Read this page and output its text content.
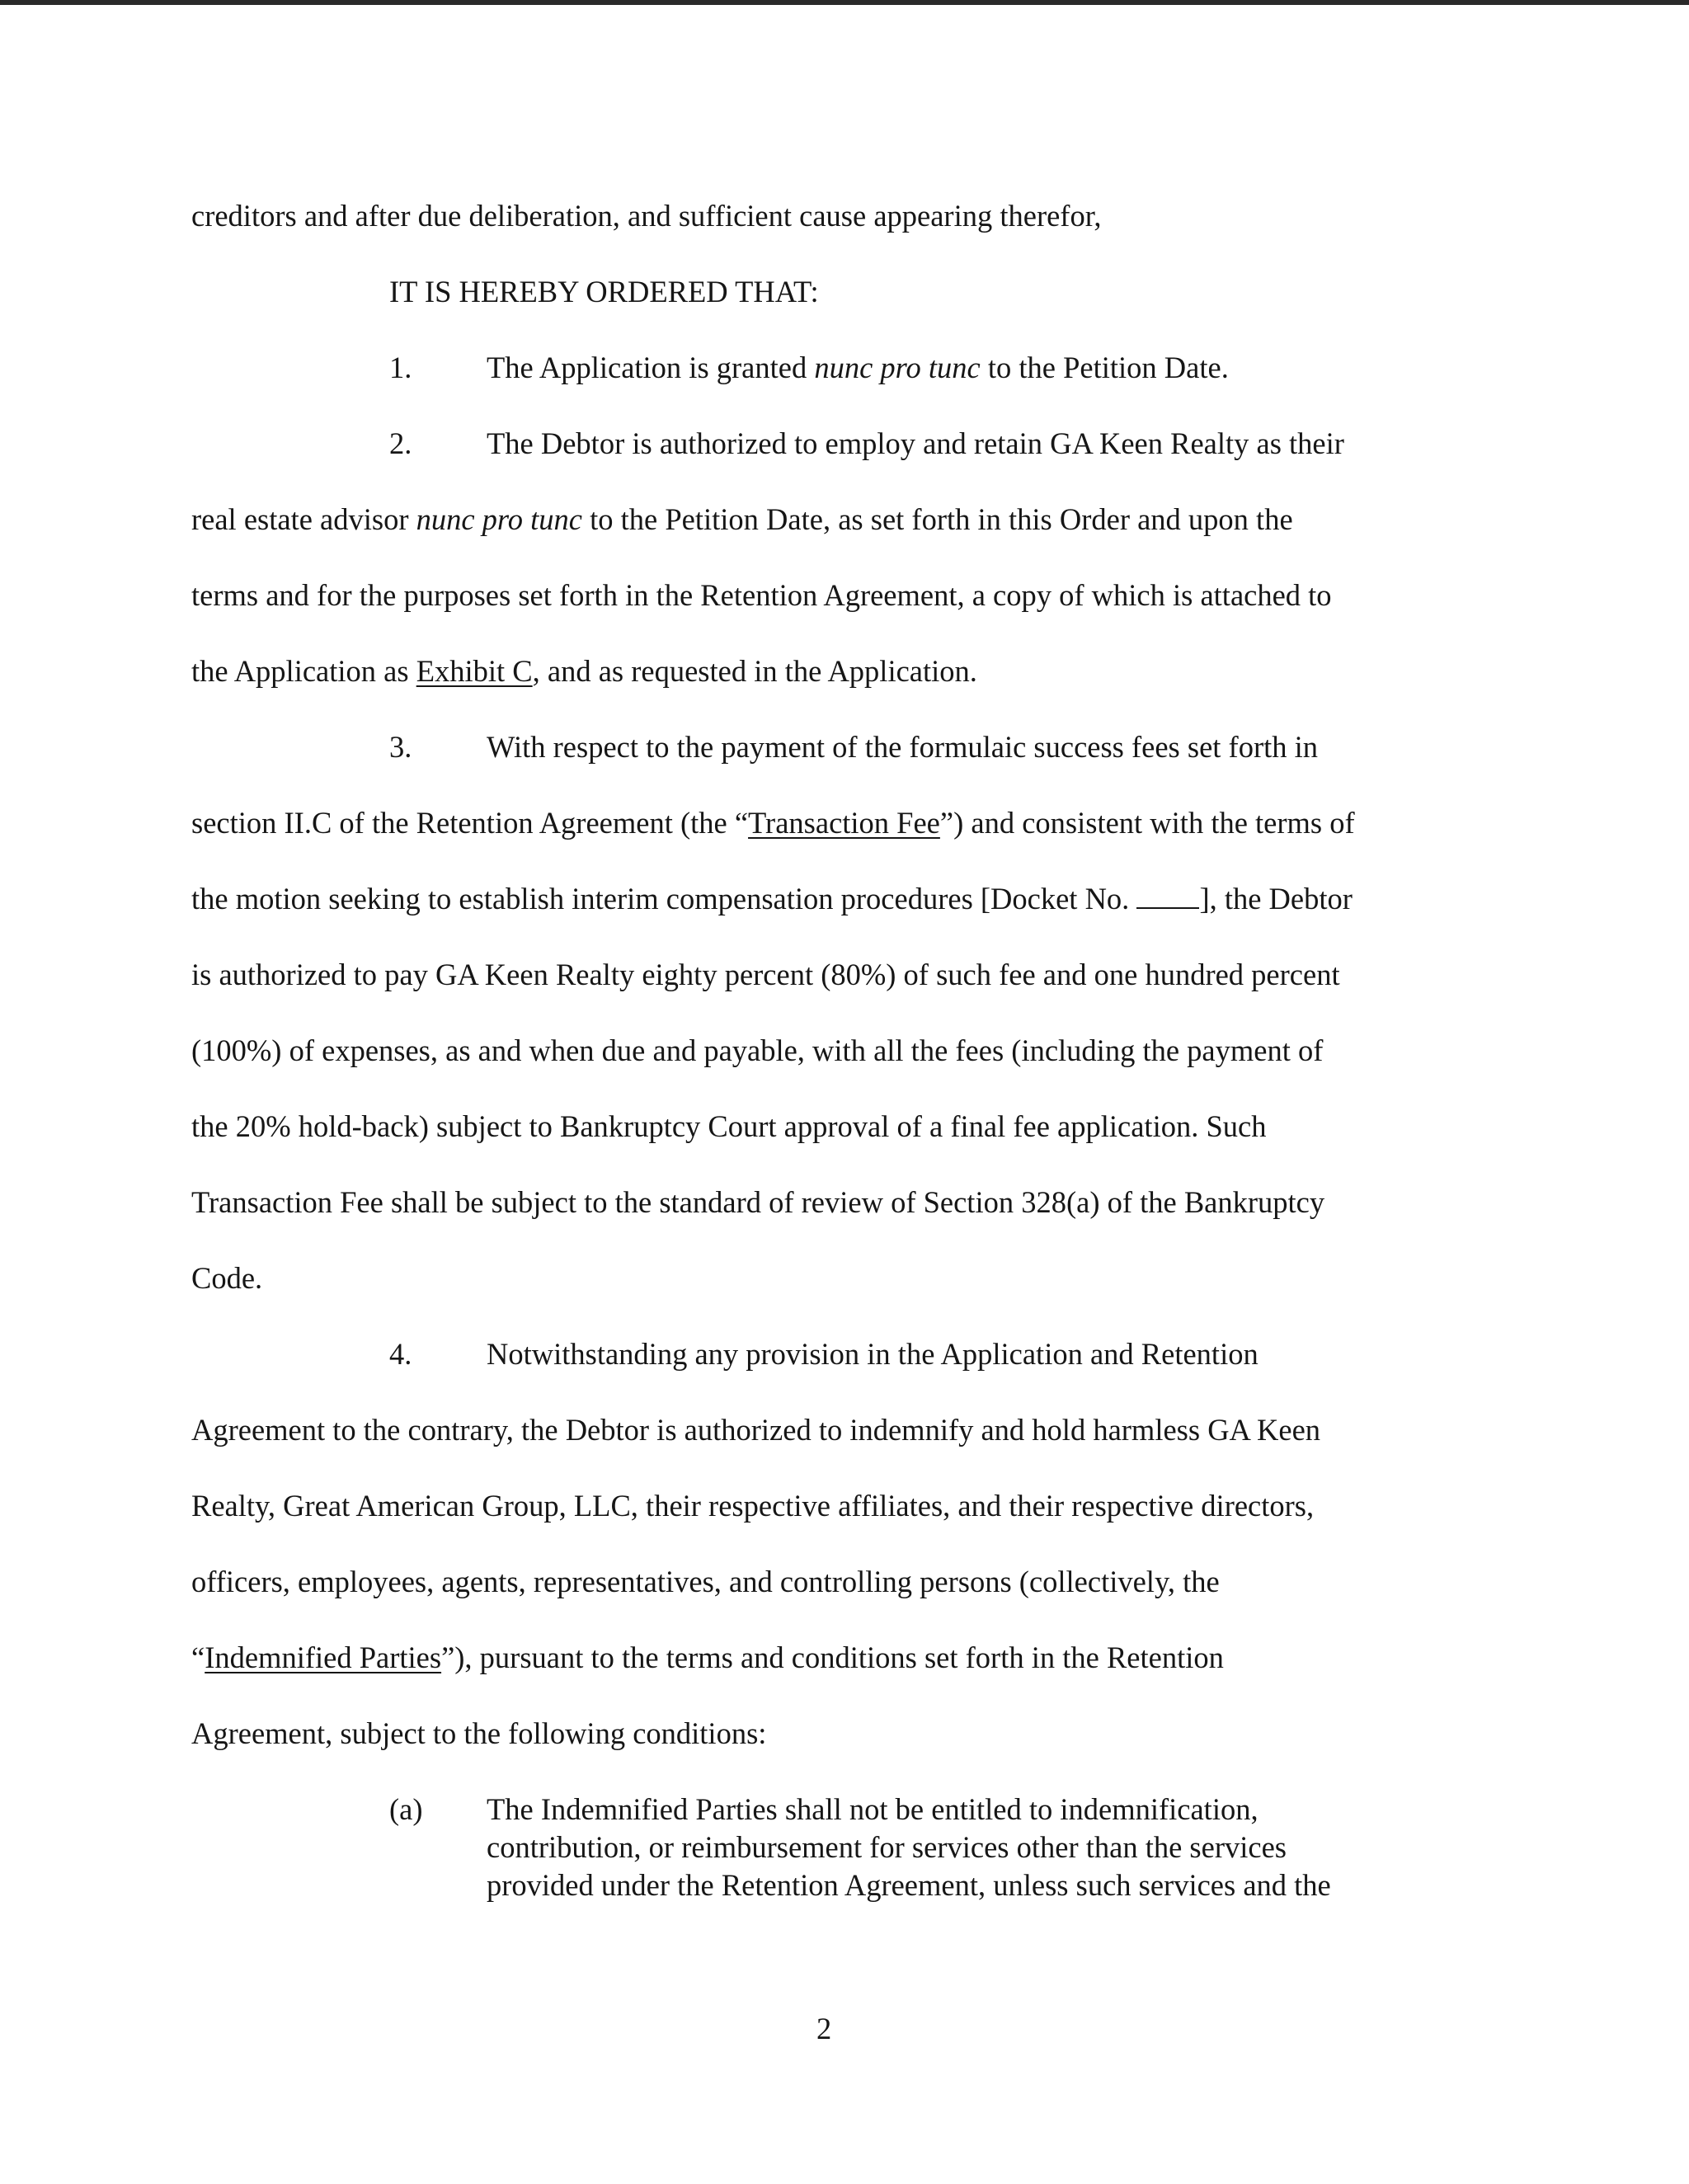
creditors and after due deliberation, and sufficient cause appearing therefor,
IT IS HEREBY ORDERED THAT:
1. The Application is granted nunc pro tunc to the Petition Date.
2. The Debtor is authorized to employ and retain GA Keen Realty as their
real estate advisor nunc pro tunc to the Petition Date, as set forth in this Order and upon the
terms and for the purposes set forth in the Retention Agreement, a copy of which is attached to
the Application as Exhibit C, and as requested in the Application.
3. With respect to the payment of the formulaic success fees set forth in
section II.C of the Retention Agreement (the “Transaction Fee”) and consistent with the terms of
the motion seeking to establish interim compensation procedures [Docket No. ], the Debtor
is authorized to pay GA Keen Realty eighty percent (80%) of such fee and one hundred percent
(100%) of expenses, as and when due and payable, with all the fees (including the payment of
the 20% hold-back) subject to Bankruptcy Court approval of a final fee application. Such
Transaction Fee shall be subject to the standard of review of Section 328(a) of the Bankruptcy
Code.
4. Notwithstanding any provision in the Application and Retention
Agreement to the contrary, the Debtor is authorized to indemnify and hold harmless GA Keen
Realty, Great American Group, LLC, their respective affiliates, and their respective directors,
officers, employees, agents, representatives, and controlling persons (collectively, the
“Indemnified Parties”), pursuant to the terms and conditions set forth in the Retention
Agreement, subject to the following conditions:
(a) The Indemnified Parties shall not be entitled to indemnification,
contribution, or reimbursement for services other than the services
provided under the Retention Agreement, unless such services and the
2
